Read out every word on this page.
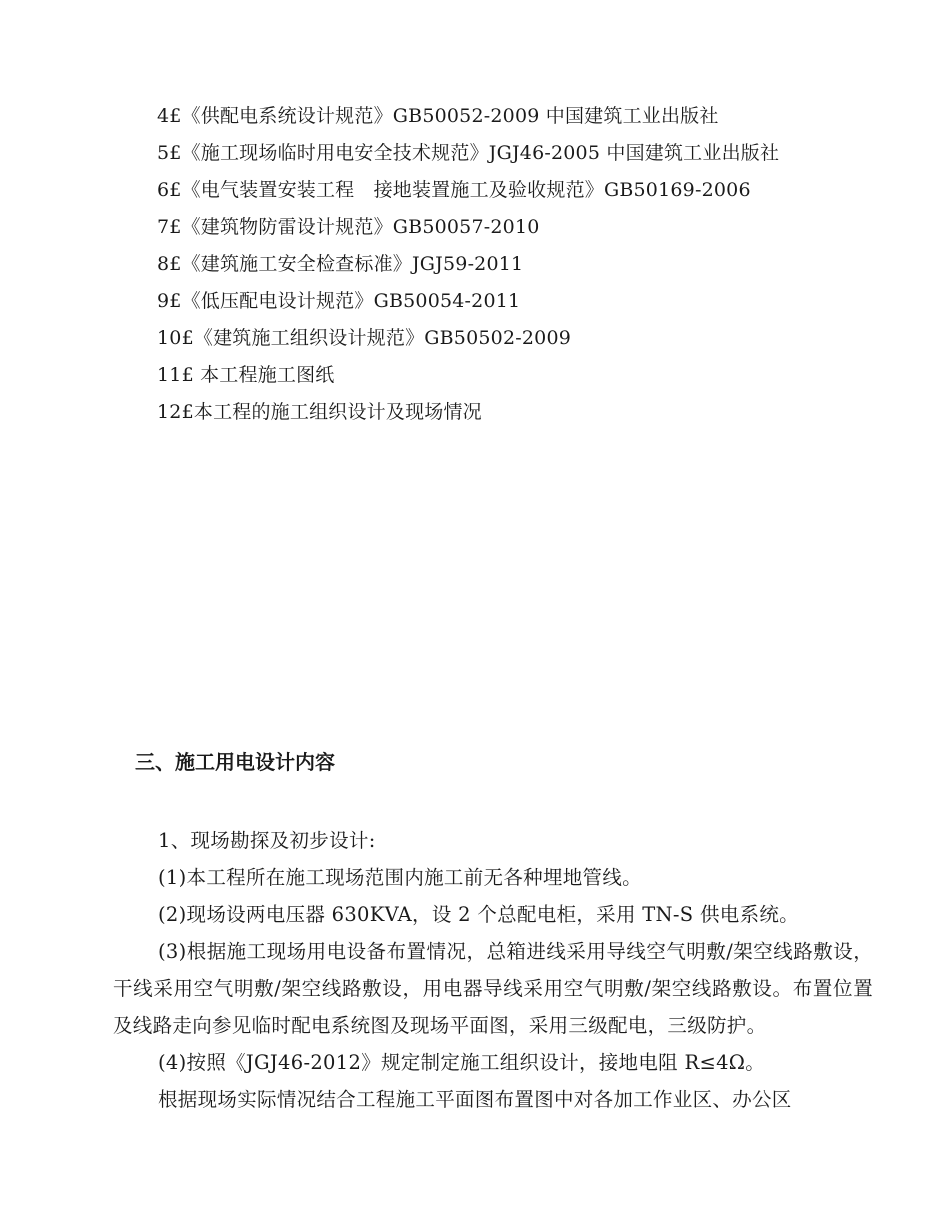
4£《供配电系统设计规范》GB50052-2009 中国建筑工业出版社
5£《施工现场临时用电安全技术规范》JGJ46-2005 中国建筑工业出版社
6£《电气装置安装工程　接地装置施工及验收规范》GB50169-2006
7£《建筑物防雷设计规范》GB50057-2010
8£《建筑施工安全检查标准》JGJ59-2011
9£《低压配电设计规范》GB50054-2011
10£《建筑施工组织设计规范》GB50502-2009
11£ 本工程施工图纸
12£本工程的施工组织设计及现场情况
三、施工用电设计内容
1、现场勘探及初步设计:
(1)本工程所在施工现场范围内施工前无各种埋地管线。
(2)现场设两电压器 630KVA，设 2 个总配电柜，采用 TN-S 供电系统。
(3)根据施工现场用电设备布置情况，总箱进线采用导线空气明敷/架空线路敷设，干线采用空气明敷/架空线路敷设，用电器导线采用空气明敷/架空线路敷设。布置位置及线路走向参见临时配电系统图及现场平面图，采用三级配电，三级防护。
(4)按照《JGJ46-2012》规定制定施工组织设计，接地电阻 R≤4Ω。
根据现场实际情况结合工程施工平面图布置图中对各加工作业区、办公区
